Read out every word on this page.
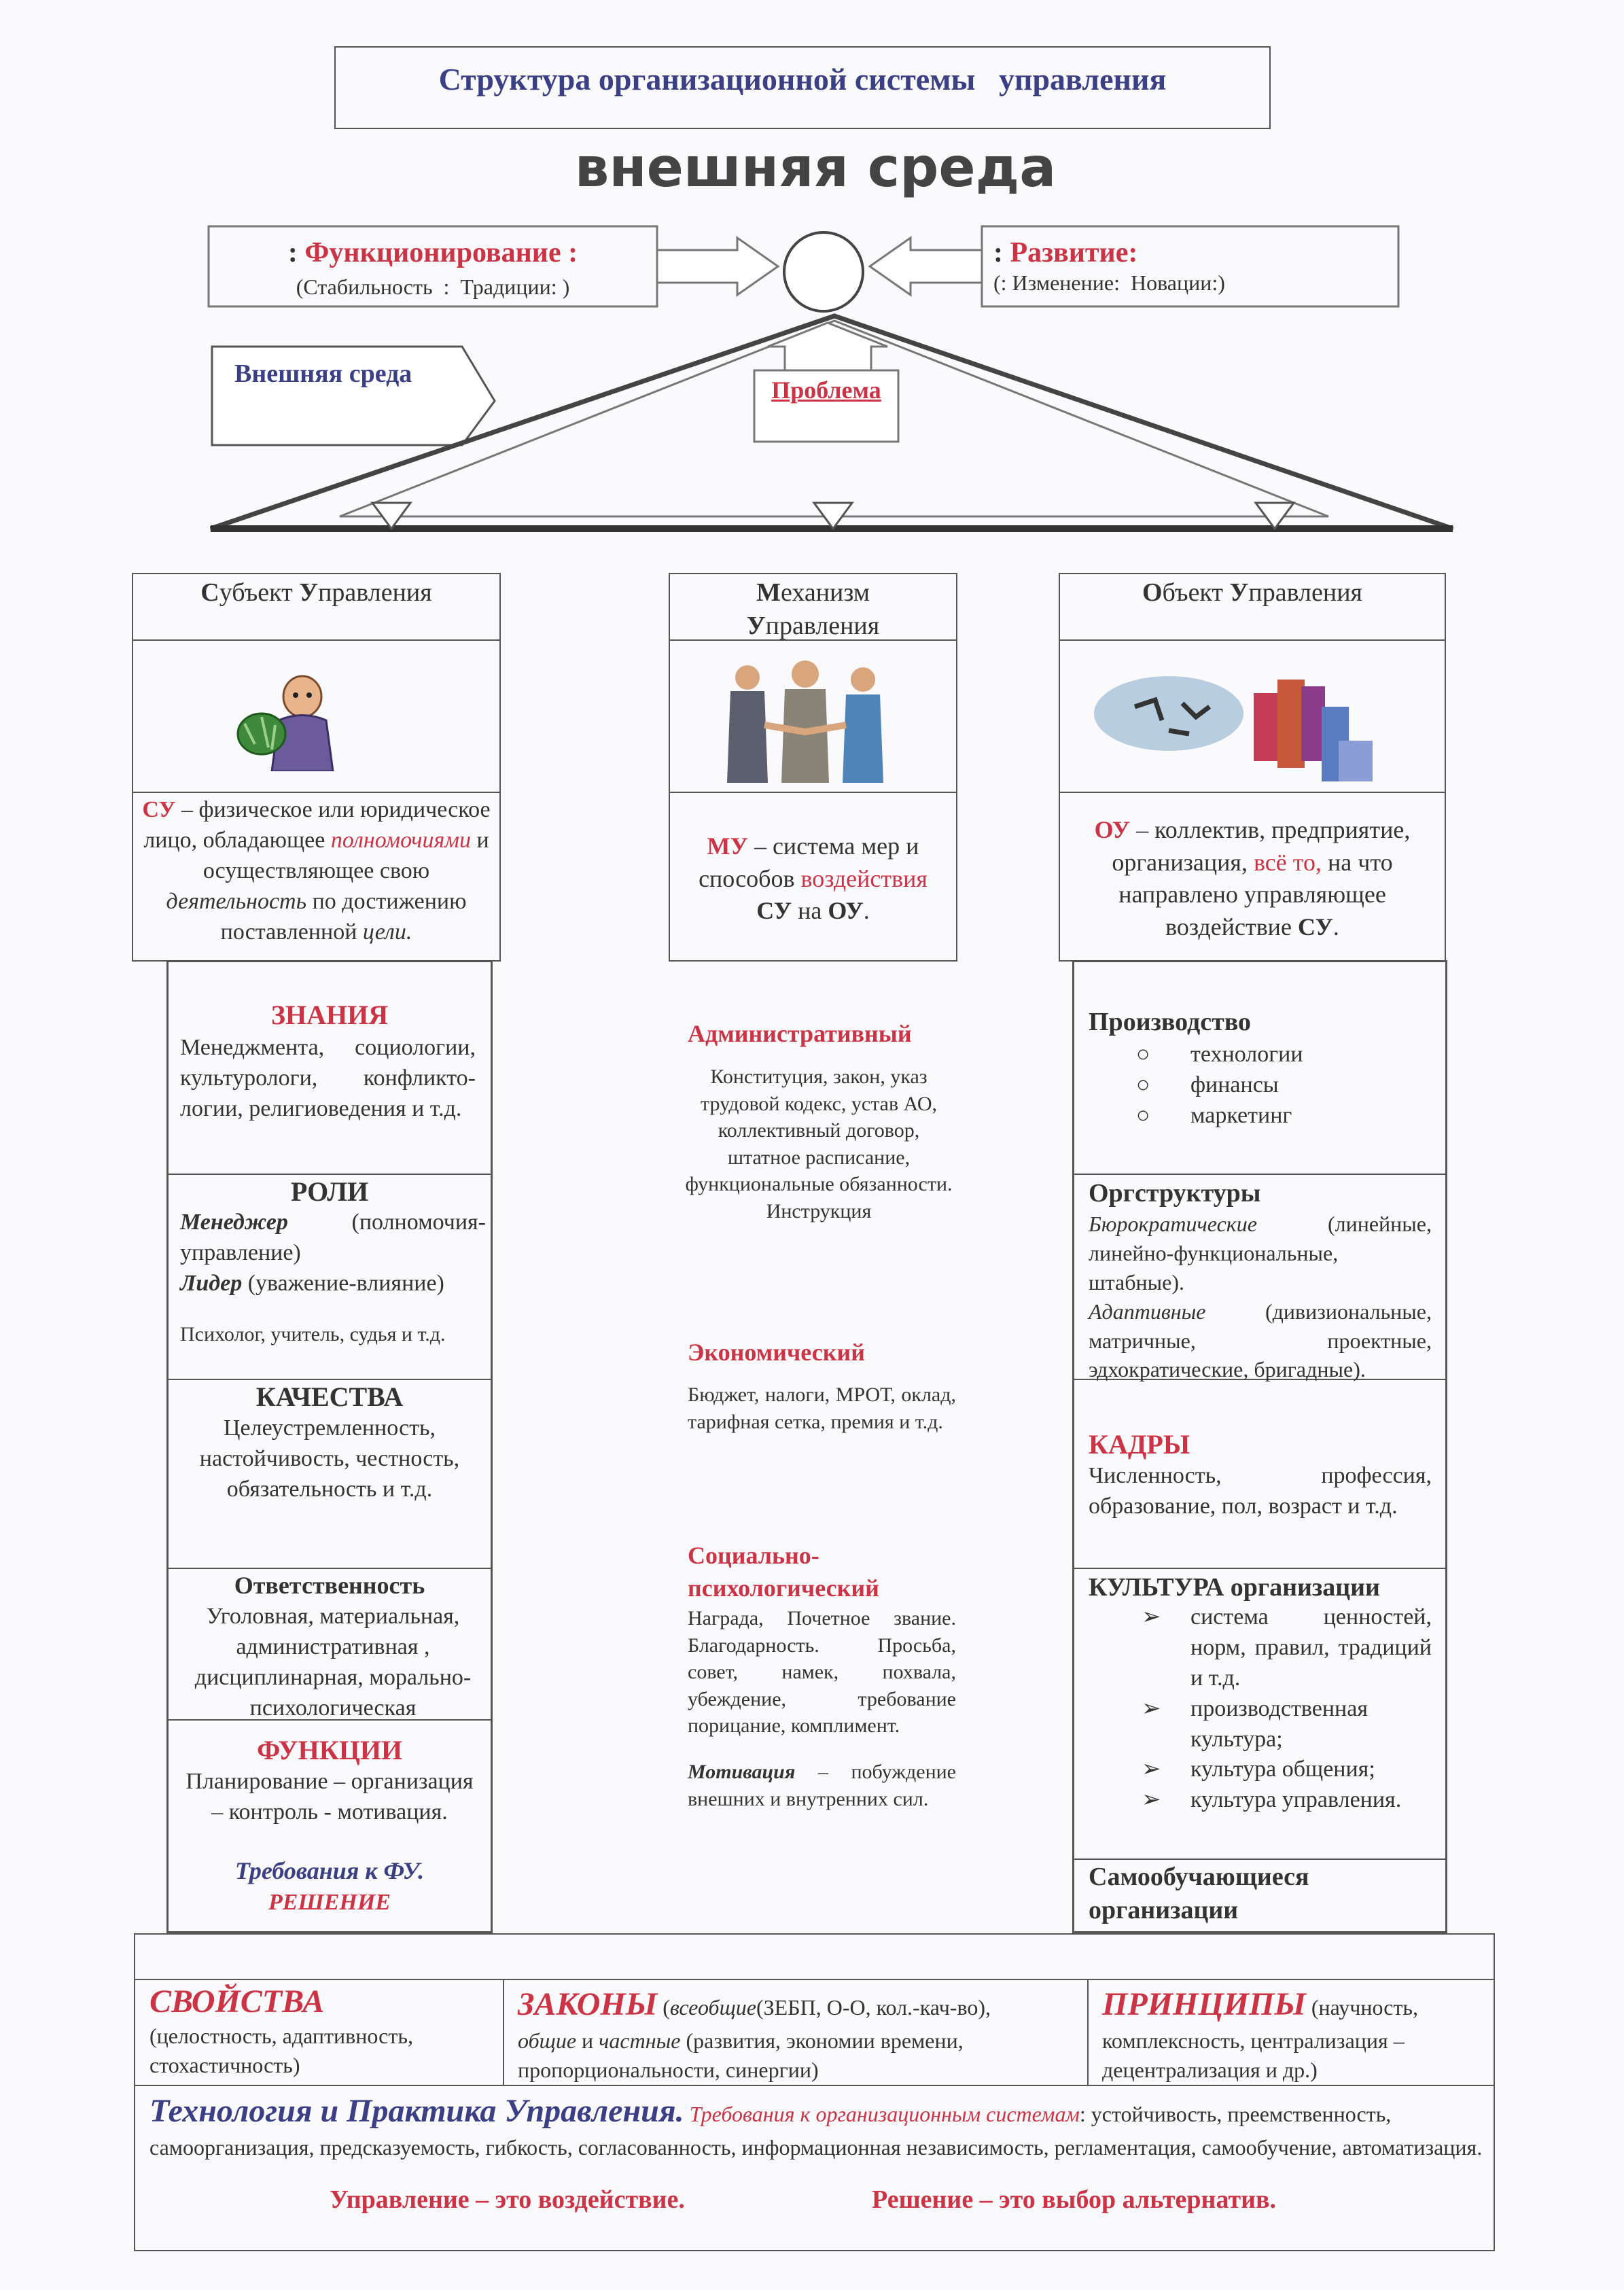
Структура организационной системы   управления
внешняя среда
: Функционирование :
(Стабильность  :  Традиции: )
: Развитие:
(: Изменение:  Новации:)
Внешняя среда
Проблема
Субъект Управления	Механизм
Управления
Объект Управления
СУ – физическое или юридическое лицо, обладающее полномочиями и осуществляющее свою деятельность по достижению поставленной цели.
МУ – система мер и способов воздействия
СУ на ОУ.
ОУ – коллектив, предприятие, организация, всё то, на что направлено управляющее воздействие СУ.
ЗНАНИЯ
Менеджмента, социологии, культурологи, конфликто-логии, религиоведения и т.д.
РОЛИ
Менеджер (полномочия-управление)
Лидер (уважение-влияние)
Психолог, учитель, судья и т.д.
КАЧЕСТВА
Целеустремленность, настойчивость, честность, обязательность и т.д.
Ответственность
Уголовная, материальная, административная , дисциплинарная, морально-психологическая
ФУНКЦИИ
Планирование – организация – контроль - мотивация.
Требования к ФУ.
РЕШЕНИЕ
Административный
Конституция, закон, указ трудовой кодекс, устав АО, коллективный договор, штатное расписание, функциональные обязанности. Инструкция
Экономический
Бюджет, налоги, МРОТ, оклад, тарифная сетка, премия и т.д.
Социально-психологический
Награда, Почетное звание. Благодарность. Просьба, совет, намек, похвала, убеждение, требование порицание, комплимент.
Мотивация – побуждение внешних и внутренних сил.
Производство
○ технологии
○ финансы
○ маркетинг
Оргструктуры
Бюрократические (линейные, линейно-функциональные, штабные).
Адаптивные (дивизиональные, матричные, проектные, эдхократические, бригадные).
КАДРЫ
Численность, профессия, образование, пол, возраст и т.д.
КУЛЬТУРА организации
➢ система ценностей, норм, правил, традиций и т.д.
➢ производственная культура;
➢ культура общения;
➢ культура управления.
Самообучающиеся организации
СВОЙСТВА
(целостность, адаптивность, стохастичность)
ЗАКОНЫ (всеобщие(ЗЕБП, О-О, кол.-кач-во),
общие и частные (развития, экономии времени, пропорциональности, синергии)
ПРИНЦИПЫ (научность, комплексность, централизация – децентрализация и др.)
Технология и Практика Управления. Требования к организационным системам: устойчивость, преемственность, самоорганизация, предсказуемость, гибкость, согласованность, информационная независимость, регламентация, самообучение, автоматизация.
Управление – это воздействие.	Решение – это выбор альтернатив.
